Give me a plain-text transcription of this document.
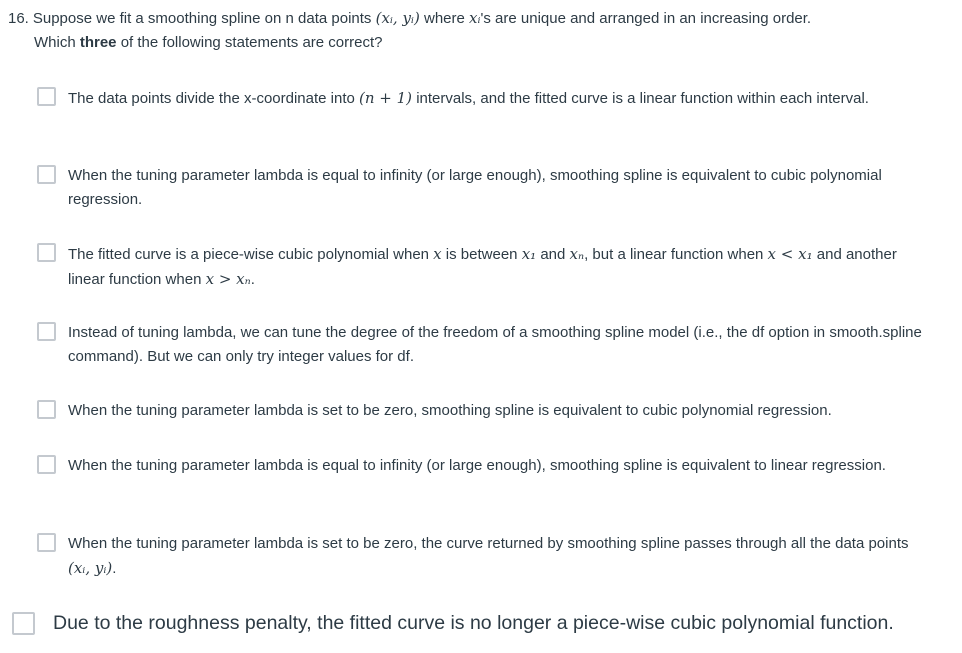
16. Suppose we fit a smoothing spline on n data points (xᵢ, yᵢ) where xᵢ's are unique and arranged in an increasing order.
Which three of the following statements are correct?
The data points divide the x-coordinate into (n + 1) intervals, and the fitted curve is a linear function within each interval.
When the tuning parameter lambda is equal to infinity (or large enough), smoothing spline is equivalent to cubic polynomial regression.
The fitted curve is a piece-wise cubic polynomial when x is between x₁ and xₙ, but a linear function when x < x₁ and another linear function when x > xₙ.
Instead of tuning lambda, we can tune the degree of the freedom of a smoothing spline model (i.e., the df option in smooth.spline command). But we can only try integer values for df.
When the tuning parameter lambda is set to be zero, smoothing spline is equivalent to cubic polynomial regression.
When the tuning parameter lambda is equal to infinity (or large enough), smoothing spline is equivalent to linear regression.
When the tuning parameter lambda is set to be zero, the curve returned by smoothing spline passes through all the data points (xᵢ, yᵢ).
Due to the roughness penalty, the fitted curve is no longer a piece-wise cubic polynomial function.
